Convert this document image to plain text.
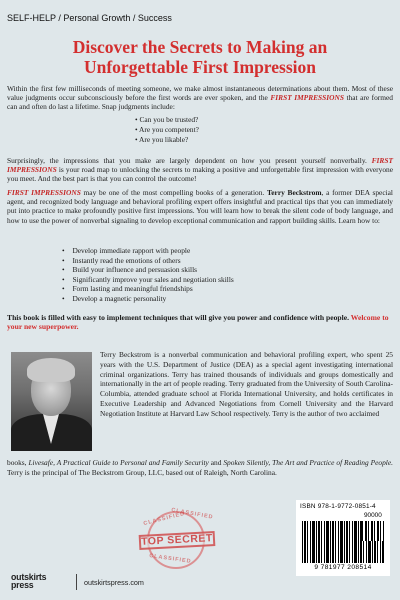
SELF-HELP / Personal Growth / Success
Discover the Secrets to Making an
Unforgettable First Impression

Within the first few milliseconds of meeting someone, we make almost instantaneous determinations about them. Most of these value judgments occur subconsciously before the first words are ever spoken, and the FIRST IMPRESSIONS that are formed can and often do last a lifetime. Snap judgments include:

• Can you be trusted?
• Are you competent?
• Are you likable?

Surprisingly, the impressions that you make are largely dependent on how you present yourself nonverbally. FIRST IMPRESSIONS is your road map to unlocking the secrets to making a positive and unforgettable first impression with everyone you meet. And the best part is that you can control the outcome!

FIRST IMPRESSIONS may be one of the most compelling books of a generation. Terry Beckstrom, a former DEA special agent, and recognized body language and behavioral profiling expert offers insightful and practical tips that you can immediately put into practice to make profoundly positive first impressions. You will learn how to break the silent code of body language, and how to use the power of nonverbal signaling to develop exceptional communication and rapport building skills. Learn how to:

• Develop immediate rapport with people
• Instantly read the emotions of others
• Build your influence and persuasion skills
• Significantly improve your sales and negotiation skills
• Form lasting and meaningful friendships
• Develop a magnetic personality

This book is filled with easy to implement techniques that will give you power and confidence with people. Welcome to your new superpower.

Terry Beckstrom is a nonverbal communication and behavioral profiling expert, who spent 25 years with the U.S. Department of Justice (DEA) as a special agent investigating international criminal organizations. Terry has trained thousands of individuals and groups domestically and internationally in the art of people reading. Terry graduated from the University of South Carolina-Columbia, attended graduate school at Florida International University, and holds certificates in Executive Leadership and Advanced Negotiations from Cornell University and the Harvard Negotiation Institute at Harvard Law School respectively. Terry is the author of two acclaimed

books, Livesafe, A Practical Guide to Personal and Family Security and Spoken Silently, The Art and Practice of Reading People. Terry is the principal of The Beckstrom Group, LLC, based out of Raleigh, North Carolina.

CLASSIFIED
CLASSIFIED
CLASSIFIED
TOP SECRET
ISBN 978-1-9772-0851-4
90000
9 781977 208514
outskirts
press	outskirtspress.com
